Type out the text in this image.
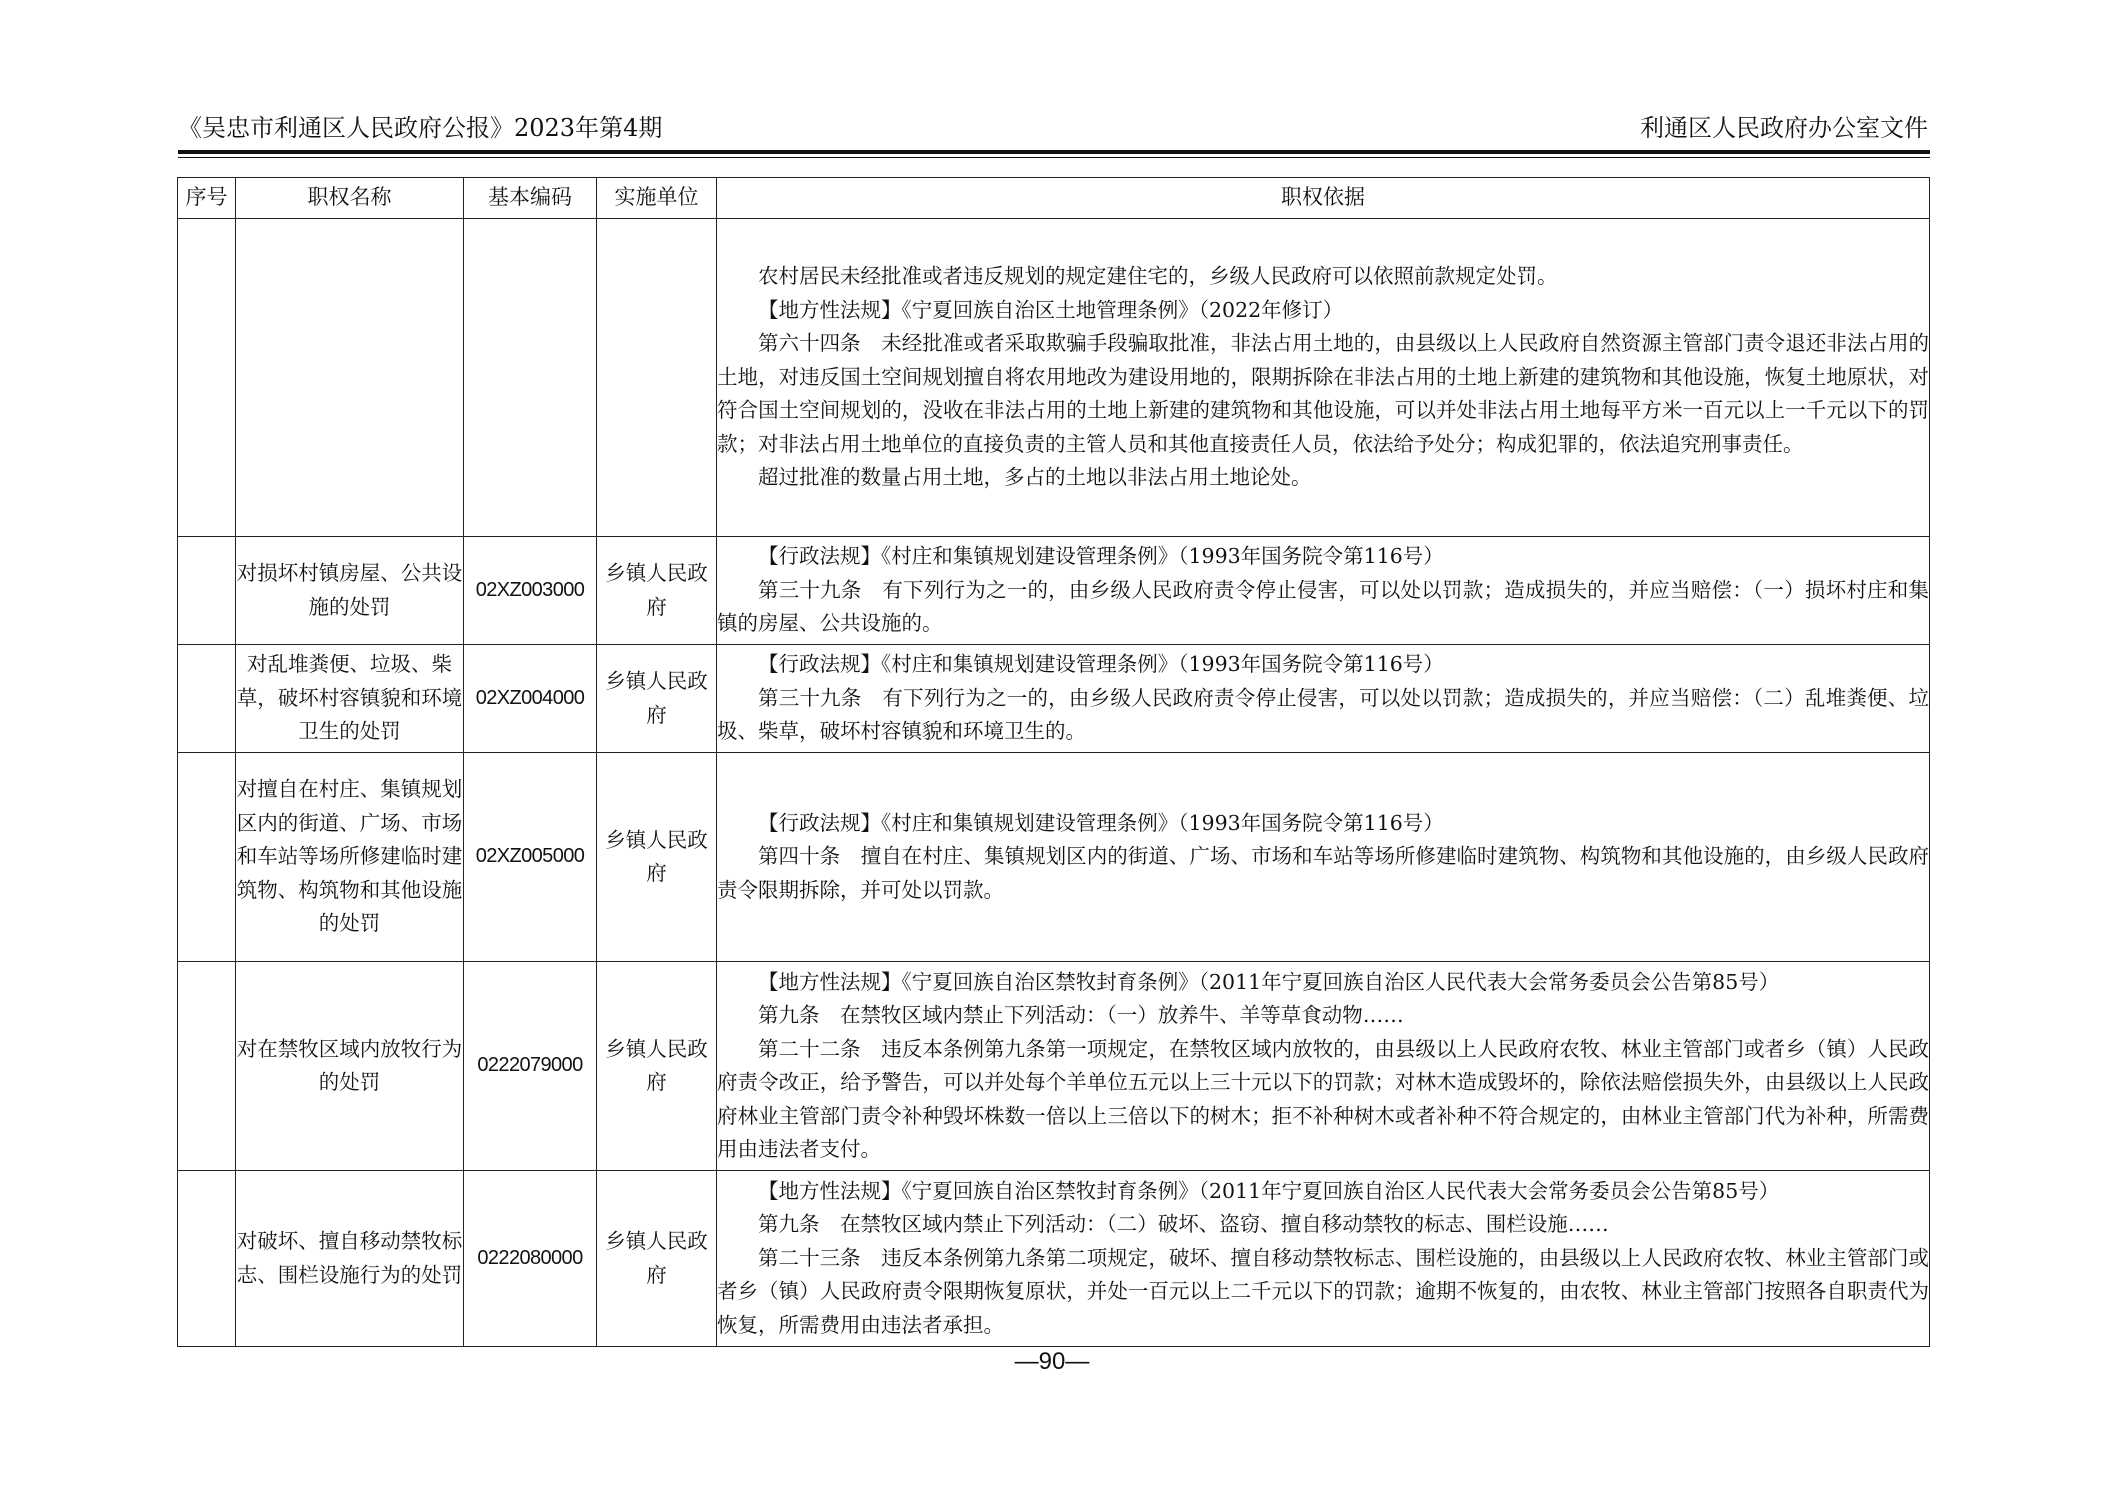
《吴忠市利通区人民政府公报》2023年第4期	利通区人民政府办公室文件
序号	职权名称	基本编码	实施单位	职权依据

				农村居民未经批准或者违反规划的规定建住宅的，乡级人民政府可以依照前款规定处罚。

【地方性法规】《宁夏回族自治区土地管理条例》（2022年修订）

第六十四条　未经批准或者采取欺骗手段骗取批准，非法占用土地的，由县级以上人民政府自然资源主管部门责令退还非法占用的土地，对违反国土空间规划擅自将农用地改为建设用地的，限期拆除在非法占用的土地上新建的建筑物和其他设施，恢复土地原状，对符合国土空间规划的，没收在非法占用的土地上新建的建筑物和其他设施，可以并处非法占用土地每平方米一百元以上一千元以下的罚款；对非法占用土地单位的直接负责的主管人员和其他直接责任人员，依法给予处分；构成犯罪的，依法追究刑事责任。

超过批准的数量占用土地，多占的土地以非法占用土地论处。

	对损坏村镇房屋、公共设施的处罚	02XZ003000	乡镇人民政府	【行政法规】《村庄和集镇规划建设管理条例》（1993年国务院令第116号）

第三十九条　有下列行为之一的，由乡级人民政府责令停止侵害，可以处以罚款；造成损失的，并应当赔偿：（一）损坏村庄和集镇的房屋、公共设施的。

	对乱堆粪便、垃圾、柴草，破坏村容镇貌和环境卫生的处罚	02XZ004000	乡镇人民政府	【行政法规】《村庄和集镇规划建设管理条例》（1993年国务院令第116号）

第三十九条　有下列行为之一的，由乡级人民政府责令停止侵害，可以处以罚款；造成损失的，并应当赔偿：（二）乱堆粪便、垃圾、柴草，破坏村容镇貌和环境卫生的。

	对擅自在村庄、集镇规划区内的街道、广场、市场和车站等场所修建临时建筑物、构筑物和其他设施的处罚	02XZ005000	乡镇人民政府	【行政法规】《村庄和集镇规划建设管理条例》（1993年国务院令第116号）

第四十条　擅自在村庄、集镇规划区内的街道、广场、市场和车站等场所修建临时建筑物、构筑物和其他设施的，由乡级人民政府责令限期拆除，并可处以罚款。

	对在禁牧区域内放牧行为的处罚	0222079000	乡镇人民政府	【地方性法规】《宁夏回族自治区禁牧封育条例》（2011年宁夏回族自治区人民代表大会常务委员会公告第85号）

第九条　在禁牧区域内禁止下列活动：（一）放养牛、羊等草食动物……

第二十二条　违反本条例第九条第一项规定，在禁牧区域内放牧的，由县级以上人民政府农牧、林业主管部门或者乡（镇）人民政府责令改正，给予警告，可以并处每个羊单位五元以上三十元以下的罚款；对林木造成毁坏的，除依法赔偿损失外，由县级以上人民政府林业主管部门责令补种毁坏株数一倍以上三倍以下的树木；拒不补种树木或者补种不符合规定的，由林业主管部门代为补种，所需费用由违法者支付。

	对破坏、擅自移动禁牧标志、围栏设施行为的处罚	0222080000	乡镇人民政府	【地方性法规】《宁夏回族自治区禁牧封育条例》（2011年宁夏回族自治区人民代表大会常务委员会公告第85号）

第九条　在禁牧区域内禁止下列活动：（二）破坏、盗窃、擅自移动禁牧的标志、围栏设施……

第二十三条　违反本条例第九条第二项规定，破坏、擅自移动禁牧标志、围栏设施的，由县级以上人民政府农牧、林业主管部门或者乡（镇）人民政府责令限期恢复原状，并处一百元以上二千元以下的罚款；逾期不恢复的，由农牧、林业主管部门按照各自职责代为恢复，所需费用由违法者承担。

—90—
